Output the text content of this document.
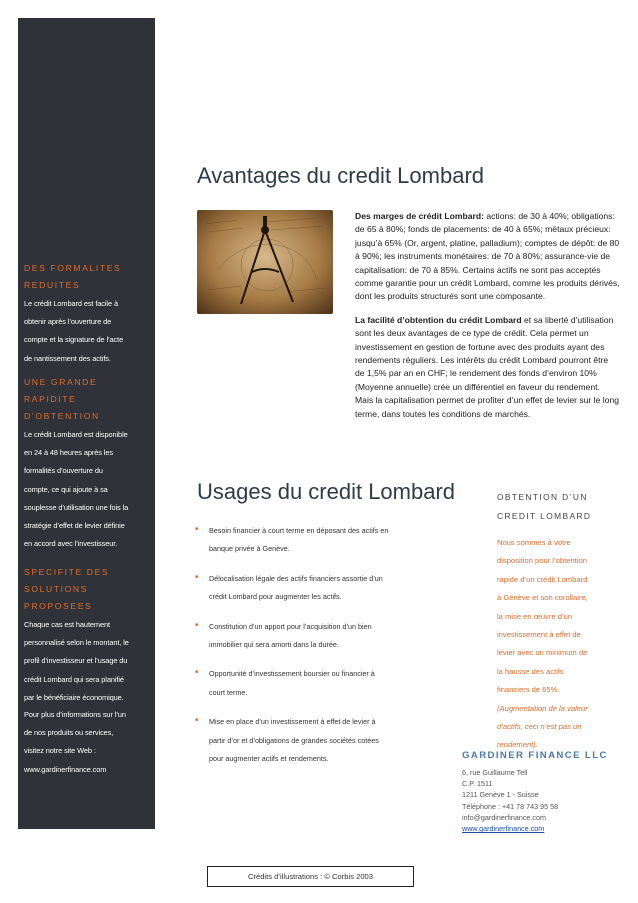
DES FORMALITES
REDUITES
Le crédit Lombard est facile à
obtenir après l’ouverture de
compte et la signature de l’acte
de nantissement des actifs.
UNE GRANDE
RAPIDITE
D’OBTENTION
Le crédit Lombard est disponible
en 24 à 48 heures après les
formalités d’ouverture du
compte, ce qui ajoute à sa
souplesse d’utilisation une fois la
stratégie d’effet de levier définie
en accord avec l’investisseur.
SPECIFITE DES
SOLUTIONS
PROPOSEES
Chaque cas est hautement
personnalisé selon le montant, le
profil d’investisseur et l’usage du
crédit Lombard qui sera planifié
par le bénéficiaire économique.
Pour plus d’informations sur l’un
de nos produits ou services,
visitez notre site Web :
www.gardinerfinance.com
Avantages du credit Lombard

Des marges de crédit Lombard: actions: de 30 à 40%; obligations: de 65 à 80%; fonds de placements: de 40 à 65%; métaux précieux: jusqu’à 65% (Or, argent, platine, palladium); comptes de dépôt: de 80 à 90%; les instruments monétaires: de 70 à 80%; assurance-vie de capitalisation: de 70 à 85%. Certains actifs ne sont pas acceptés comme garantie pour un crédit Lombard, comme les produits dérivés, dont les produits structurés sont une composante.

La facilité d’obtention du crédit Lombard et sa liberté d’utilisation sont les deux avantages de ce type de crédit. Cela permet un investissement en gestion de fortune avec des produits ayant des rendements réguliers. Les intérêts du crédit Lombard pourront être de 1,5% par an en CHF; le rendement des fonds d’environ 10% (Moyenne annuelle) crée un différentiel en faveur du rendement. Mais la capitalisation permet de profiter d’un effet de levier sur le long terme, dans toutes les conditions de marchés.

Usages du credit Lombard
• Besoin financier à court terme en déposant des actifs en
banque privée à Genève.
• Délocalisation légale des actifs financiers assortie d’un
crédit Lombard pour augmenter les actifs.
• Constitution d’un apport pour l’acquisition d’un bien
immobilier qui sera amorti dans la durée.
• Opportunité d’investissement boursier ou financier à
court terme.
• Mise en place d’un investissement à effet de levier à
partir d’or et d’obligations de grandes sociétés cotées
pour augmenter actifs et rendements.
OBTENTION D’UN
CREDIT LOMBARD
Nous sommes à votre
disposition pour l’obtention
rapide d’un crédit Lombard
à Genève et son corollaire,
la mise en œuvre d’un
investissement à effet de
levier avec un minimum de
la hausse des actifs
financiers de 65%.
(Augmentation de la valeur
d’actifs, ceci n’est pas un
rendement).
GARDINER FINANCE LLC
6, rue Guillaume Tell
C.P. 1511
1211 Genève 1 - Suisse
Téléphone : +41 78 743 95 58
info@gardinerfinance.com
www.gardinerfinance.com
Crédits d’illustrations : © Corbis 2003
